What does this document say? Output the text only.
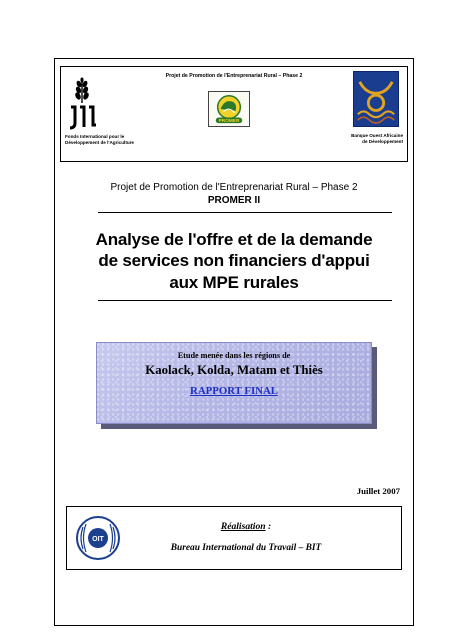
Projet de Promotion de l'Entreprenariat Rural – Phase 2
Fonds International pour le
Développement de l'Agriculture
PROMER
Banque Ouest Africaine
de Développement
Projet de Promotion de l'Entreprenariat Rural – Phase 2
PROMER II
Analyse de l'offre et de la demande
de services non financiers d'appui
aux MPE rurales
Etude menée dans les régions de
Kaolack, Kolda, Matam et Thiès
RAPPORT FINAL
Juillet 2007
OIT
Réalisation :
Bureau International du Travail – BIT
